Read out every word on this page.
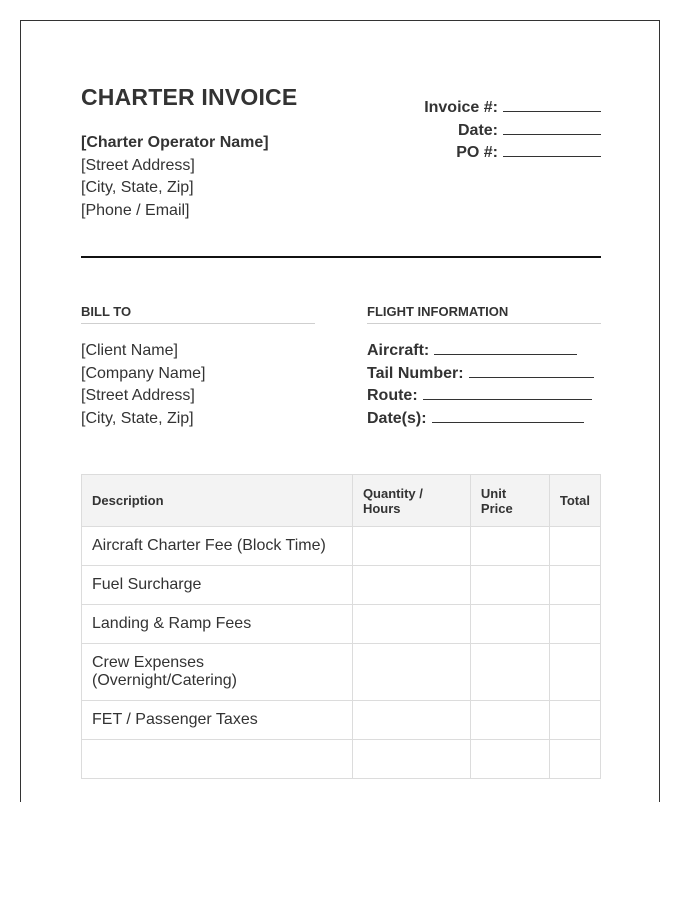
CHARTER INVOICE
[Charter Operator Name]
[Street Address]
[City, State, Zip]
[Phone / Email]
Invoice #:
Date:
PO #:
BILL TO	FLIGHT INFORMATION
[Client Name]
[Company Name]
[Street Address]
[City, State, Zip]
Aircraft:
Tail Number:
Route:
Date(s):
Description	Quantity / Hours	Unit Price	Total
Aircraft Charter Fee (Block Time)			
Fuel Surcharge			
Landing & Ramp Fees			
Crew Expenses (Overnight/Catering)			
FET / Passenger Taxes			
